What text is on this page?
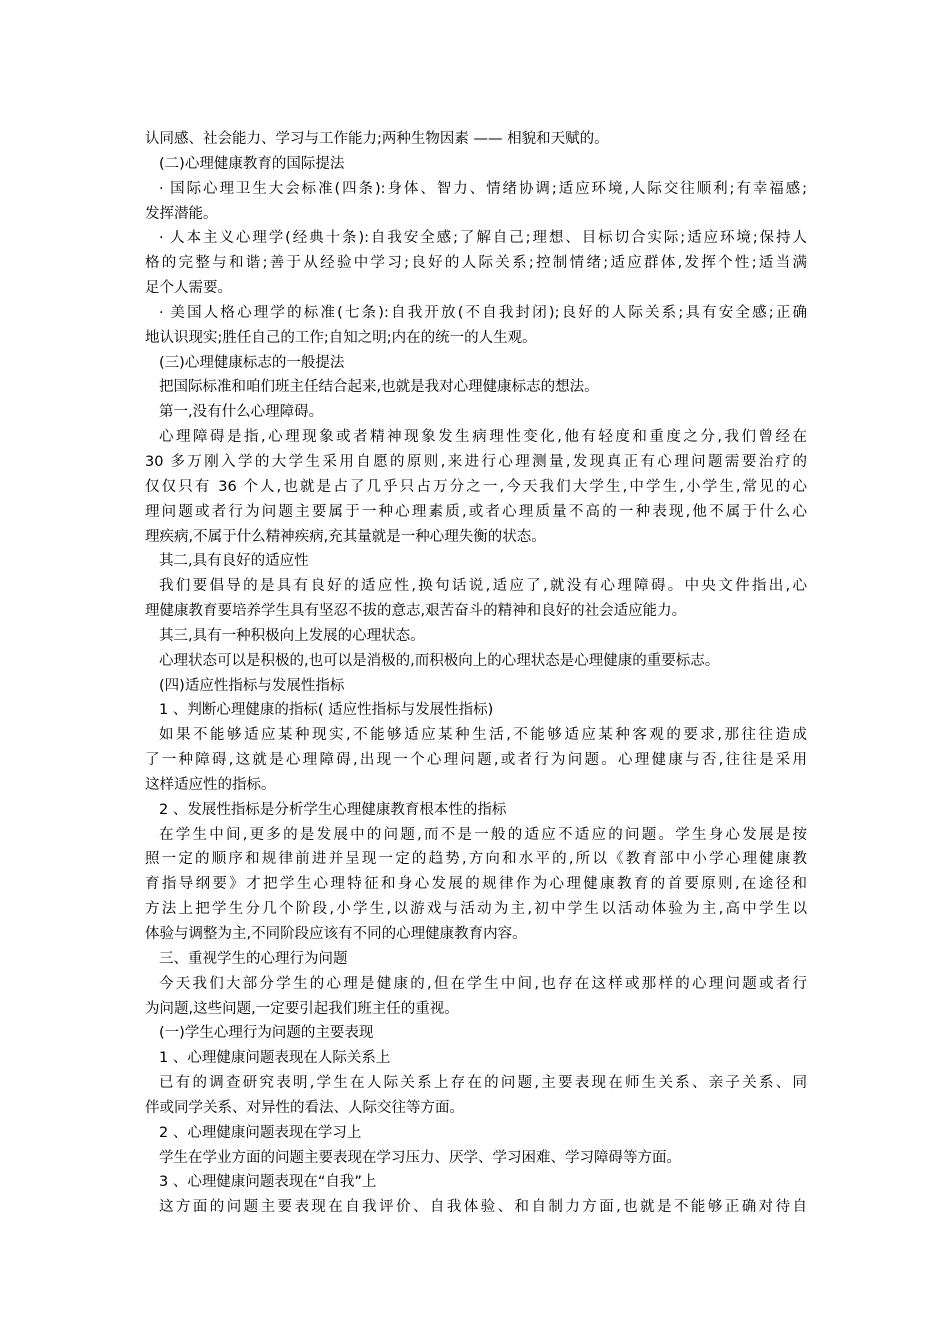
认同感、社会能力、学习与工作能力;两种生物因素 —— 相貌和天赋的。
(二)心理健康教育的国际提法
· 国际心理卫生大会标准(四条):身体、智力、情绪协调;适应环境,人际交往顺利;有幸福感;
发挥潜能。
· 人本主义心理学(经典十条):自我安全感;了解自己;理想、目标切合实际;适应环境;保持人
格的完整与和谐;善于从经验中学习;良好的人际关系;控制情绪;适应群体,发挥个性;适当满
足个人需要。
· 美国人格心理学的标准(七条):自我开放(不自我封闭);良好的人际关系;具有安全感;正确
地认识现实;胜任自己的工作;自知之明;内在的统一的人生观。
(三)心理健康标志的一般提法
把国际标准和咱们班主任结合起来,也就是我对心理健康标志的想法。
第一,没有什么心理障碍。
心理障碍是指,心理现象或者精神现象发生病理性变化,他有轻度和重度之分,我们曾经在
30 多万刚入学的大学生采用自愿的原则,来进行心理测量,发现真正有心理问题需要治疗的
仅仅只有 36 个人,也就是占了几乎只占万分之一,今天我们大学生,中学生,小学生,常见的心
理问题或者行为问题主要属于一种心理素质,或者心理质量不高的一种表现,他不属于什么心
理疾病,不属于什么精神疾病,充其量就是一种心理失衡的状态。
其二,具有良好的适应性
我们要倡导的是具有良好的适应性,换句话说,适应了,就没有心理障碍。中央文件指出,心
理健康教育要培养学生具有坚忍不拔的意志,艰苦奋斗的精神和良好的社会适应能力。
其三,具有一种积极向上发展的心理状态。
心理状态可以是积极的,也可以是消极的,而积极向上的心理状态是心理健康的重要标志。
(四)适应性指标与发展性指标
1 、判断心理健康的指标( 适应性指标与发展性指标)
如果不能够适应某种现实,不能够适应某种生活,不能够适应某种客观的要求,那往往造成
了一种障碍,这就是心理障碍,出现一个心理问题,或者行为问题。心理健康与否,往往是采用
这样适应性的指标。
2 、发展性指标是分析学生心理健康教育根本性的指标
在学生中间,更多的是发展中的问题,而不是一般的适应不适应的问题。学生身心发展是按
照一定的顺序和规律前进并呈现一定的趋势,方向和水平的,所以《教育部中小学心理健康教
育指导纲要》才把学生心理特征和身心发展的规律作为心理健康教育的首要原则,在途径和
方法上把学生分几个阶段,小学生,以游戏与活动为主,初中学生以活动体验为主,高中学生以
体验与调整为主,不同阶段应该有不同的心理健康教育内容。
三、重视学生的心理行为问题
今天我们大部分学生的心理是健康的,但在学生中间,也存在这样或那样的心理问题或者行
为问题,这些问题,一定要引起我们班主任的重视。
(一)学生心理行为问题的主要表现
1 、心理健康问题表现在人际关系上
已有的调查研究表明,学生在人际关系上存在的问题,主要表现在师生关系、亲子关系、同
伴或同学关系、对异性的看法、人际交往等方面。
2 、心理健康问题表现在学习上
学生在学业方面的问题主要表现在学习压力、厌学、学习困难、学习障碍等方面。
3 、心理健康问题表现在“自我”上
这方面的问题主要表现在自我评价、自我体验、和自制力方面,也就是不能够正确对待自
